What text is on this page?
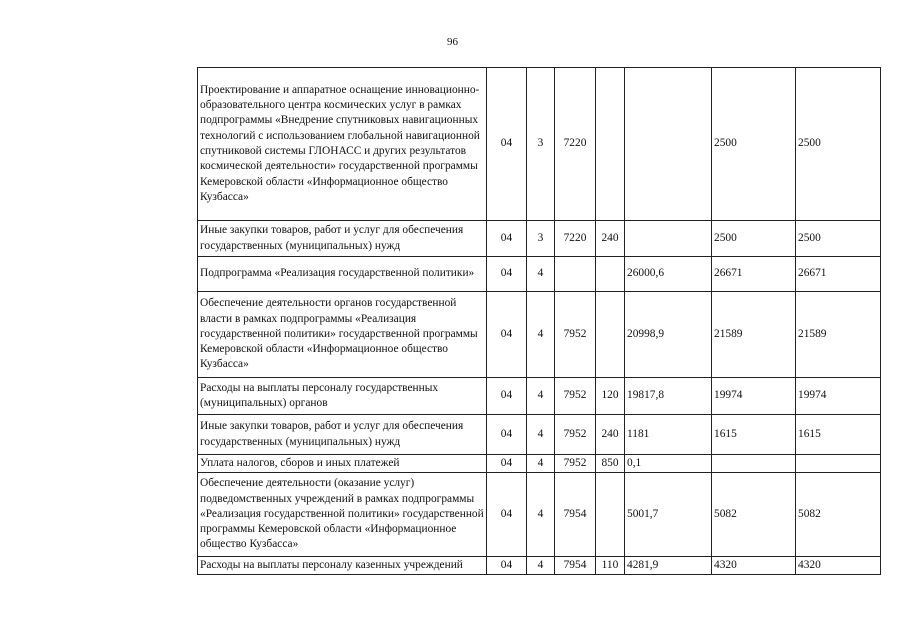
96
Проектирование и аппаратное оснащение инновационно-образовательного центра космических услуг в рамках подпрограммы «Внедрение спутниковых навигационных технологий с использованием глобальной навигационной спутниковой системы ГЛОНАСС и других результатов космической деятельности» государственной программы Кемеровской области «Информационное общество Кузбасса»	04	3	7220			2500	2500
Иные закупки товаров, работ и услуг для обеспечения государственных (муниципальных) нужд	04	3	7220	240		2500	2500
Подпрограмма «Реализация государственной политики»	04	4			26000,6	26671	26671
Обеспечение деятельности органов государственной власти в рамках подпрограммы «Реализация государственной политики» государственной программы Кемеровской области «Информационное общество Кузбасса»	04	4	7952		20998,9	21589	21589
Расходы на выплаты персоналу государственных (муниципальных) органов	04	4	7952	120	19817,8	19974	19974
Иные закупки товаров, работ и услуг для обеспечения государственных (муниципальных) нужд	04	4	7952	240	1181	1615	1615
Уплата налогов, сборов и иных платежей	04	4	7952	850	0,1		
Обеспечение деятельности (оказание услуг) подведомственных учреждений в рамках подпрограммы «Реализация государственной политики» государственной программы Кемеровской области «Информационное общество Кузбасса»	04	4	7954		5001,7	5082	5082
Расходы на выплаты персоналу казенных учреждений	04	4	7954	110	4281,9	4320	4320
